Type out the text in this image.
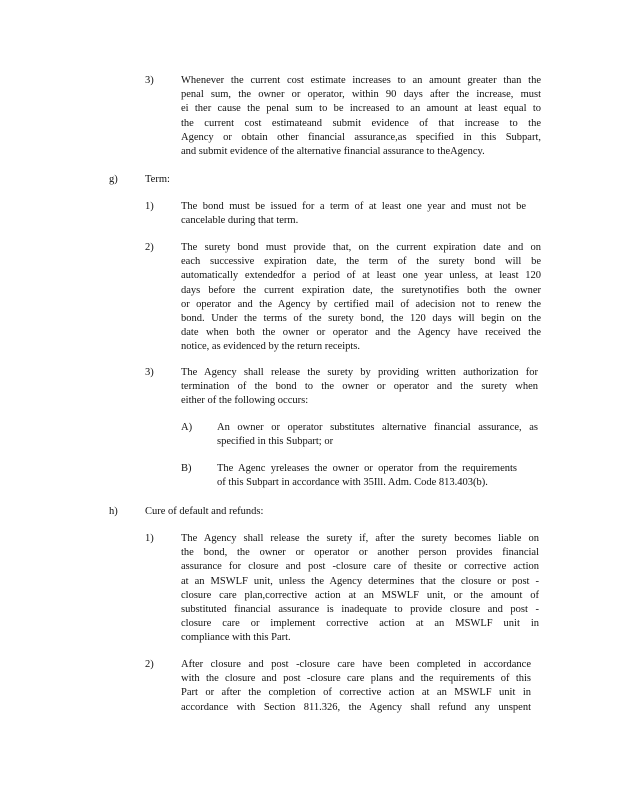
3)	Whenever the current cost estimate increases to an amount greater than the
penal sum, the owner or operator, within 90 days after the increase, must
ei ther cause the penal sum to be increased to an amount at least equal to
the current cost estimateand submit evidence of that increase to the
Agency or obtain other financial assurance,as specified in this Subpart,
and submit evidence of the alternative financial assurance to theAgency.
g)	Term:
1)	The bond must be issued for a term of at least one year and must not be
cancelable during that term.
2)	The surety bond must provide that, on the current expiration date and on
each successive expiration date, the term of the surety bond will be
automatically extendedfor a period of at least one year unless, at least 120
days before the current expiration date, the suretynotifies both the owner
or operator and the Agency by certified mail of adecision not to renew the
bond. Under the terms of the surety bond, the 120 days will begin on the
date when both the owner or operator and the Agency have received the
notice, as evidenced by the return receipts.
3)	The Agency shall release the surety by providing written authorization for
termination of the bond to the owner or operator and the surety when
either of the following occurs:
A) An owner or operator substitutes alternative financial assurance, as
specified in this Subpart; or
B) The Agenc yreleases the owner or operator from the requirements
of this Subpart in accordance with 35Ill. Adm. Code 813.403(b).
h)	Cure of default and refunds:
1)	The Agency shall release the surety if, after the surety becomes liable on
the bond, the owner or operator or another person provides financial
assurance for closure and post -closure care of thesite or corrective action
at an MSWLF unit, unless the Agency determines that the closure or post -
closure care plan,corrective action at an MSWLF unit, or the amount of
substituted financial assurance is inadequate to provide closure and post -
closure care or implement corrective action at an MSWLF unit in
compliance with this Part.
2)	After closure and post -closure care have been completed in accordance
with the closure and post -closure care plans and the requirements of this
Part or after the completion of corrective action at an MSWLF unit in
accordance with Section 811.326, the Agency shall refund any unspent
